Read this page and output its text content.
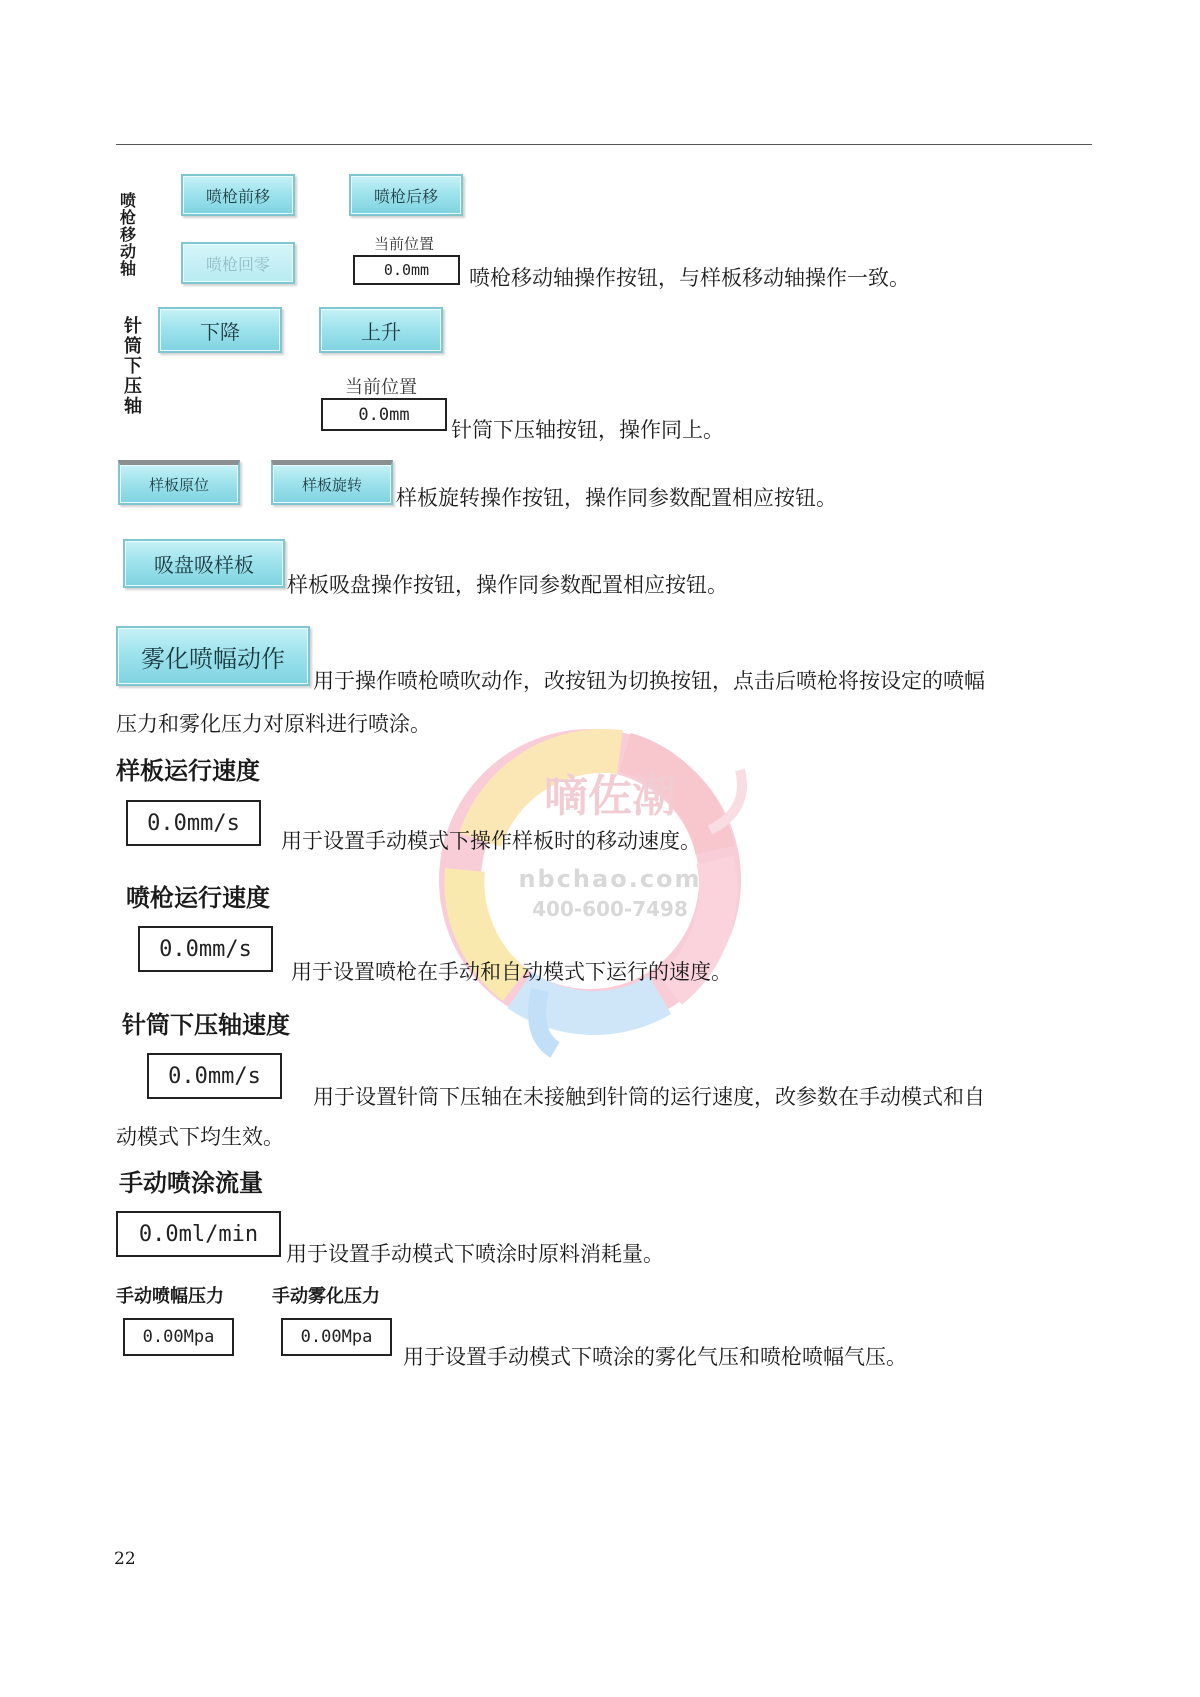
嘀佐潮
nbchao.com
400-600-7498
喷
枪
移
动
轴
喷枪前移	喷枪后移
喷枪回零
当前位置
0.0mm	喷枪移动轴操作按钮，与样板移动轴操作一致。
针
筒
下
压
轴
下降	上升
当前位置
0.0mm
针筒下压轴按钮，操作同上。
样板原位	样板旋转
样板旋转操作按钮，操作同参数配置相应按钮。
吸盘吸样板
样板吸盘操作按钮，操作同参数配置相应按钮。
雾化喷幅动作
用于操作喷枪喷吹动作，改按钮为切换按钮，点击后喷枪将按设定的喷幅
压力和雾化压力对原料进行喷涂。
样板运行速度
0.0mm/s
用于设置手动模式下操作样板时的移动速度。
喷枪运行速度
0.0mm/s
用于设置喷枪在手动和自动模式下运行的速度。
针筒下压轴速度
0.0mm/s
用于设置针筒下压轴在未接触到针筒的运行速度，改参数在手动模式和自
动模式下均生效。
手动喷涂流量
0.0ml/min
用于设置手动模式下喷涂时原料消耗量。
手动喷幅压力	手动雾化压力
0.00Mpa	0.00Mpa
用于设置手动模式下喷涂的雾化气压和喷枪喷幅气压。
22
